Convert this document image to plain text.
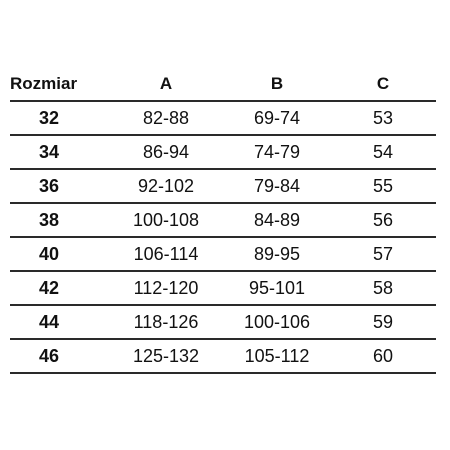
Rozmiar	A	B	C
32	82-88	69-74	53
34	86-94	74-79	54
36	92-102	79-84	55
38	100-108	84-89	56
40	106-114	89-95	57
42	112-120	95-101	58
44	118-126	100-106	59
46	125-132	105-112	60
